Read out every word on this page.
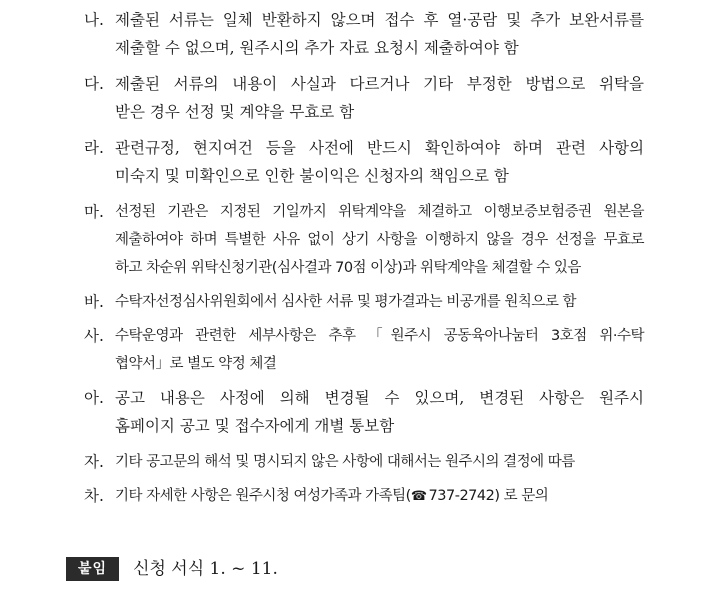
나. 제출된 서류는 일체 반환하지 않으며 접수 후 열·공람 및 추가 보완서류를
제출할 수 없으며, 원주시의 추가 자료 요청시 제출하여야 함
다. 제출된 서류의 내용이 사실과 다르거나 기타 부정한 방법으로 위탁을
받은 경우 선정 및 계약을 무효로 함
라. 관련규정, 현지여건 등을 사전에 반드시 확인하여야 하며 관련 사항의
미숙지 및 미확인으로 인한 불이익은 신청자의 책임으로 함
마. 선정된 기관은 지정된 기일까지 위탁계약을 체결하고 이행보증보험증권 원본을
제출하여야 하며 특별한 사유 없이 상기 사항을 이행하지 않을 경우 선정을 무효로
하고 차순위 위탁신청기관(심사결과 70점 이상)과 위탁계약을 체결할 수 있음
바. 수탁자선정심사위원회에서 심사한 서류 및 평가결과는 비공개를 원칙으로 함
사. 수탁운영과 관련한 세부사항은 추후 「원주시 공동육아나눔터 3호점 위·수탁
협약서」로 별도 약정 체결
아. 공고 내용은 사정에 의해 변경될 수 있으며, 변경된 사항은 원주시
홈페이지 공고 및 접수자에게 개별 통보함
자. 기타 공고문의 해석 및 명시되지 않은 사항에 대해서는 원주시의 결정에 따름
차. 기타 자세한 사항은 원주시청 여성가족과 가족팀(☎ 737-2742) 로 문의
붙임	신청 서식 1. ~ 11.
